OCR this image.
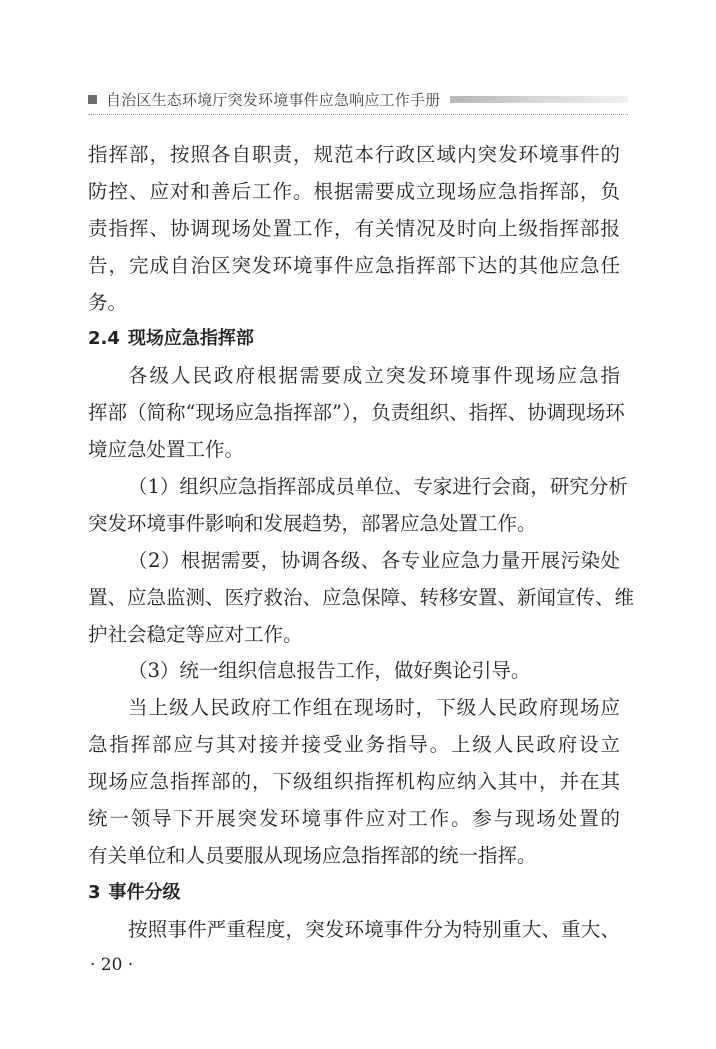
自治区生态环境厅突发环境事件应急响应工作手册
指挥部，按照各自职责，规范本行政区域内突发环境事件的
防控、应对和善后工作。根据需要成立现场应急指挥部，负
责指挥、协调现场处置工作，有关情况及时向上级指挥部报
告，完成自治区突发环境事件应急指挥部下达的其他应急任
务。
2.4 现场应急指挥部
各级人民政府根据需要成立突发环境事件现场应急指
挥部（简称“现场应急指挥部”），负责组织、指挥、协调现场环
境应急处置工作。
（1）组织应急指挥部成员单位、专家进行会商，研究分析
突发环境事件影响和发展趋势，部署应急处置工作。
（2）根据需要，协调各级、各专业应急力量开展污染处
置、应急监测、医疗救治、应急保障、转移安置、新闻宣传、维
护社会稳定等应对工作。
（3）统一组织信息报告工作，做好舆论引导。
当上级人民政府工作组在现场时，下级人民政府现场应
急指挥部应与其对接并接受业务指导。上级人民政府设立
现场应急指挥部的，下级组织指挥机构应纳入其中，并在其
统一领导下开展突发环境事件应对工作。参与现场处置的
有关单位和人员要服从现场应急指挥部的统一指挥。
3 事件分级
按照事件严重程度，突发环境事件分为特别重大、重大、
· 20 ·
